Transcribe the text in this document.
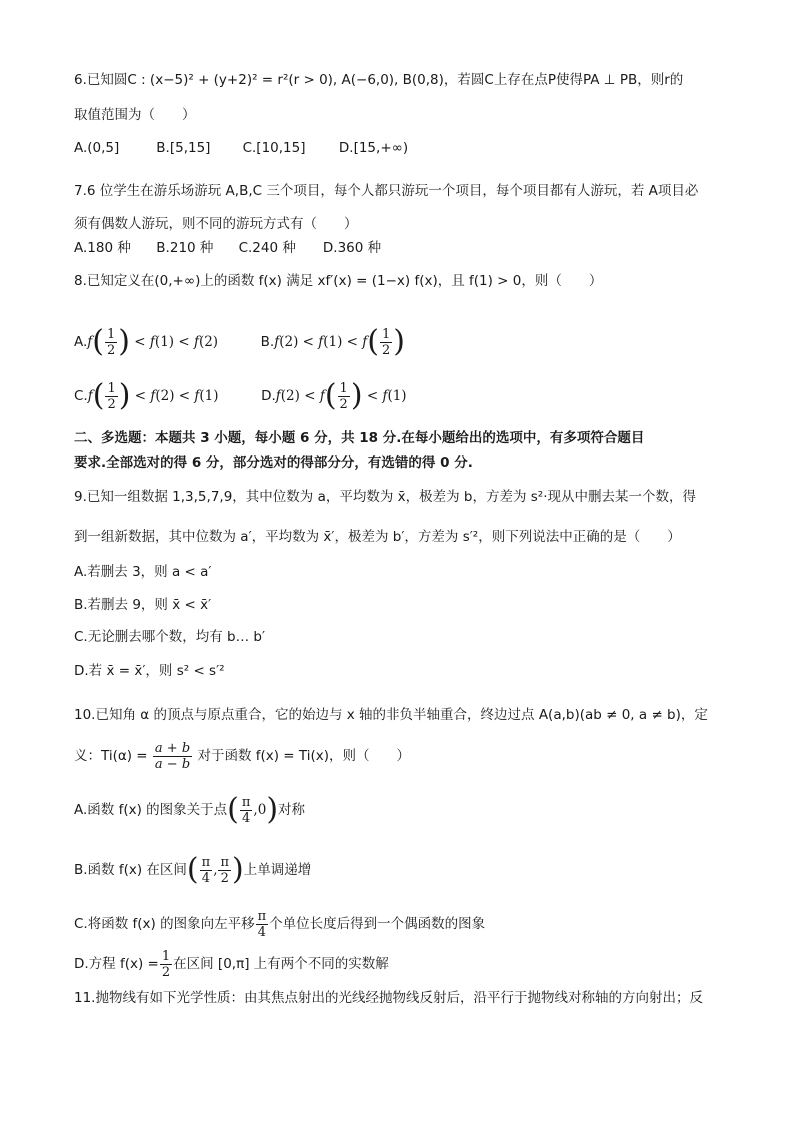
6.已知圆C : (x−5)² + (y+2)² = r²(r > 0), A(−6,0), B(0,8)，若圆C上存在点P使得PA ⊥ PB，则r的
取值范围为（　　）
A.(0,5]	B.[5,15] C.[10,15] D.[15,+∞)
7.6 位学生在游乐场游玩 A,B,C 三个项目，每个人都只游玩一个项目，每个项目都有人游玩，若 A项目必
须有偶数人游玩，则不同的游玩方式有（　　）
A.180 种 B.210 种 C.240 种 D.360 种
8.已知定义在(0,+∞)上的函数 f(x) 满足 xf′(x) = (1−x) f(x)，且 f(1) > 0，则（　　）
$A.f( \frac{1}{2}$ ) < f(1) < f(2)	$B.f(2) < f(1) < f( \frac{1}{2}$ )
$C.f( \frac{1}{2}$ ) < f(2) < f(1)	$D.f(2) < f( \frac{1}{2}$ ) < f(1)
二、多选题：本题共 3 小题，每小题 6 分，共 18 分.在每小题给出的选项中，有多项符合题目
要求.全部选对的得 6 分，部分选对的得部分分，有选错的得 0 分.
9.已知一组数据 1,3,5,7,9，其中位数为 a，平均数为 x̄，极差为 b，方差为 s²·现从中删去某一个数，得
到一组新数据，其中位数为 a′，平均数为 x̄′，极差为 b′，方差为 s′²，则下列说法中正确的是（　　）
A.若删去 3，则 a < a′
B.若删去 9，则 x̄ < x̄′
C.无论删去哪个数，均有 b… b′
D.若 x̄ = x̄′，则 s² < s′²
10.已知角 α 的顶点与原点重合，它的始边与 x 轴的非负半轴重合，终边过点 A(a,b)(ab ≠ 0, a ≠ b)，定
义：$Ti(\alpha) = \frac{a + b}{a - b}$ 对于函数 f(x) = Ti(x)，则（　　）
A.函数 f(x) 的图象关于点( $\frac{\pi}{4} ,0$)对称
B.函数 f(x) 在区间( $\frac{\pi}{4}$ , $\frac{\pi}{2}$ )上单调递增
C.将函数 f(x) 的图象向左平移 $\frac{\pi}{4}$ 个单位长度后得到一个偶函数的图象
D.方程 $f(x) = \frac{1}{2}$ 在区间 [0,π] 上有两个不同的实数解
11.抛物线有如下光学性质：由其焦点射出的光线经抛物线反射后，沿平行于抛物线对称轴的方向射出；反
